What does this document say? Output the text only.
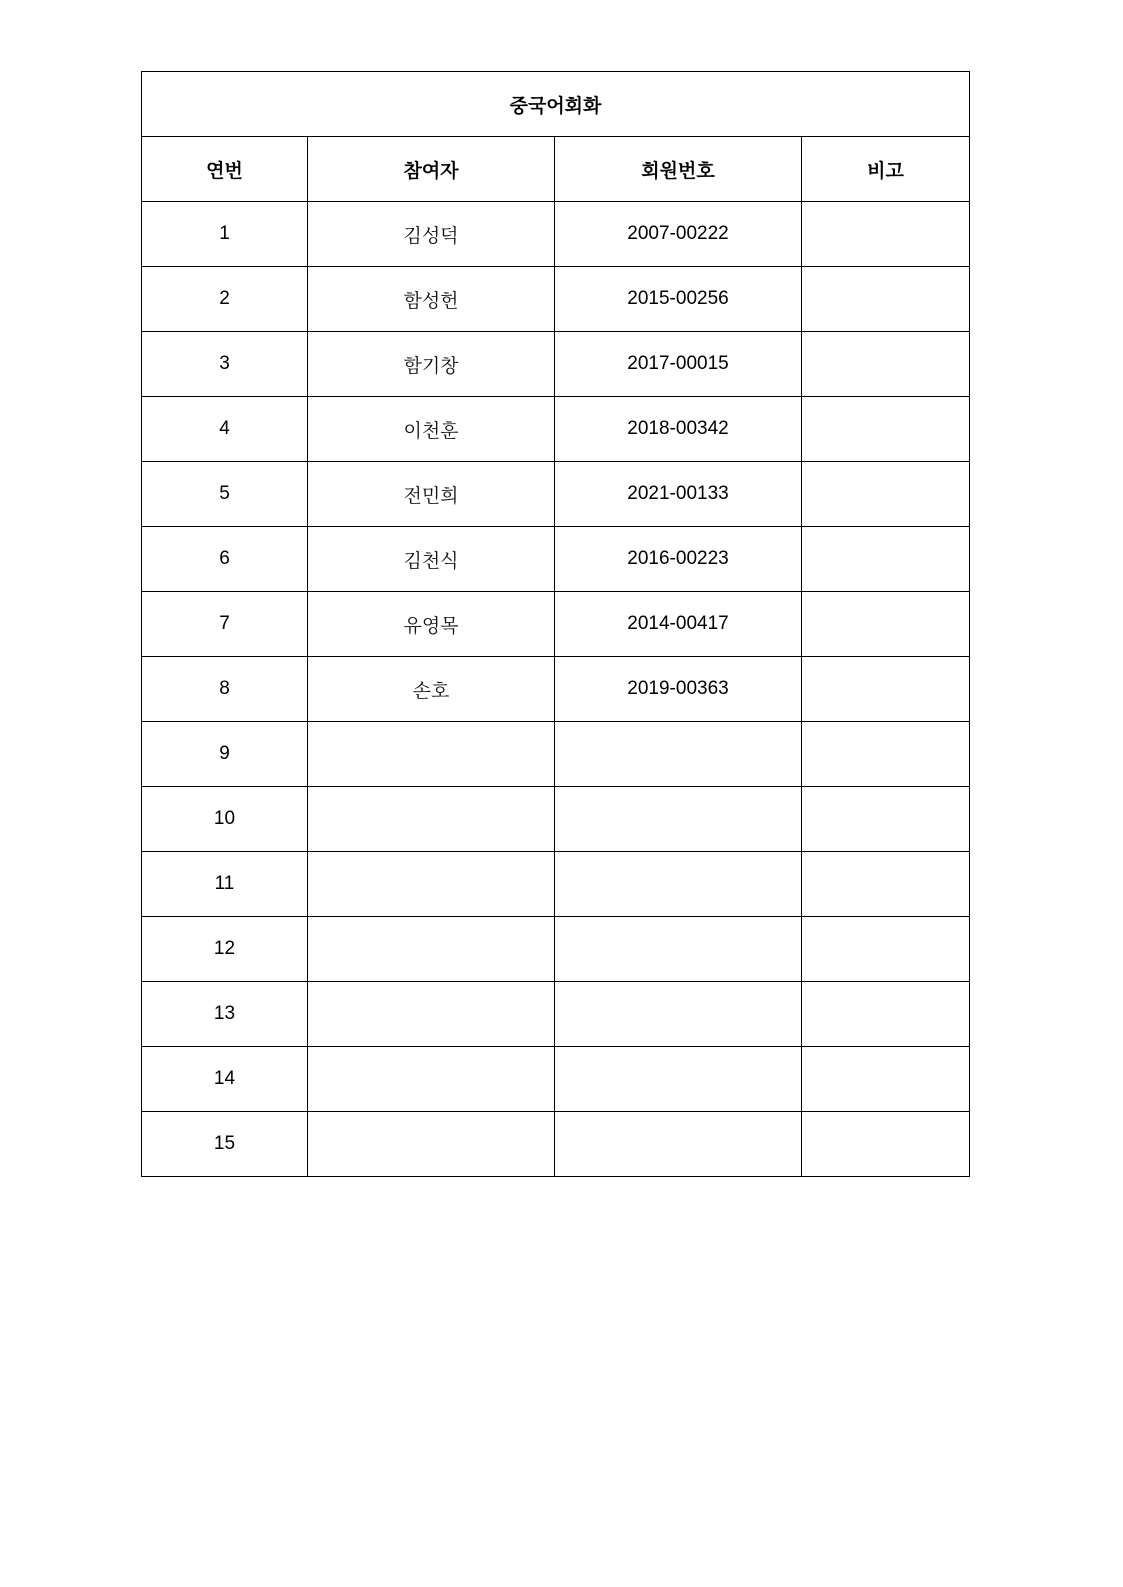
중국어회화			
연번	참여자	회원번호	비고
1	김성덕	2007-00222	
2	함성헌	2015-00256	
3	함기창	2017-00015	
4	이천훈	2018-00342	
5	전민희	2021-00133	
6	김천식	2016-00223	
7	유영목	2014-00417	
8	손호	2019-00363	
9			
10			
11			
12			
13			
14			
15			
